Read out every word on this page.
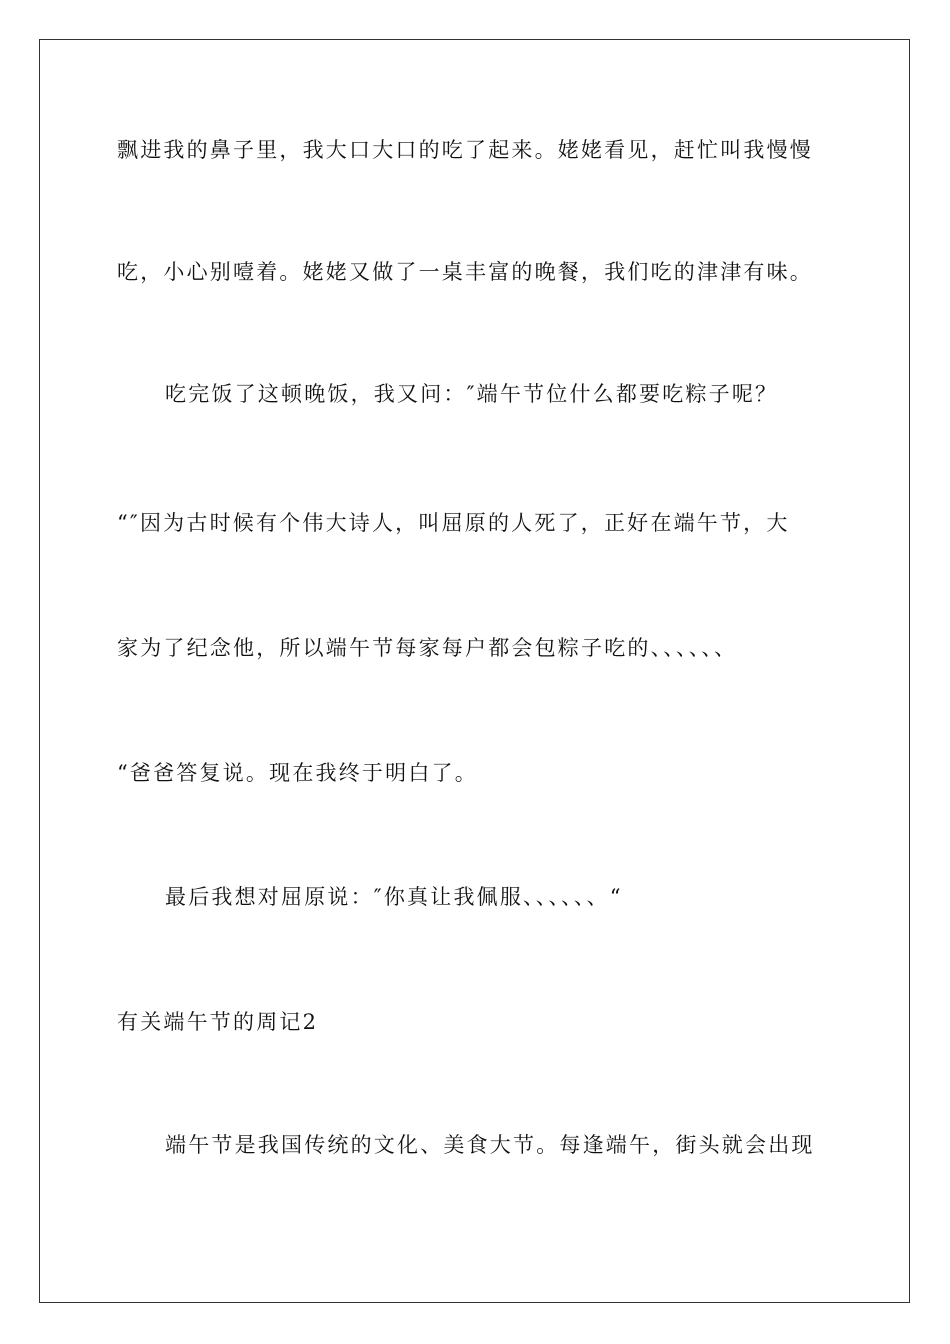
飘进我的鼻子里，我大口大口的吃了起来。姥姥看见，赶忙叫我慢慢
吃，小心别噎着。姥姥又做了一桌丰富的晚餐，我们吃的津津有味。
吃完饭了这顿晚饭，我又问：″端午节位什么都要吃粽子呢？
“″因为古时候有个伟大诗人，叫屈原的人死了，正好在端午节，大
家为了纪念他，所以端午节每家每户都会包粽子吃的、、、、、、
“爸爸答复说。现在我终于明白了。
最后我想对屈原说：″你真让我佩服、、、、、、“
有关端午节的周记2
端午节是我国传统的文化、美食大节。每逢端午，街头就会出现
